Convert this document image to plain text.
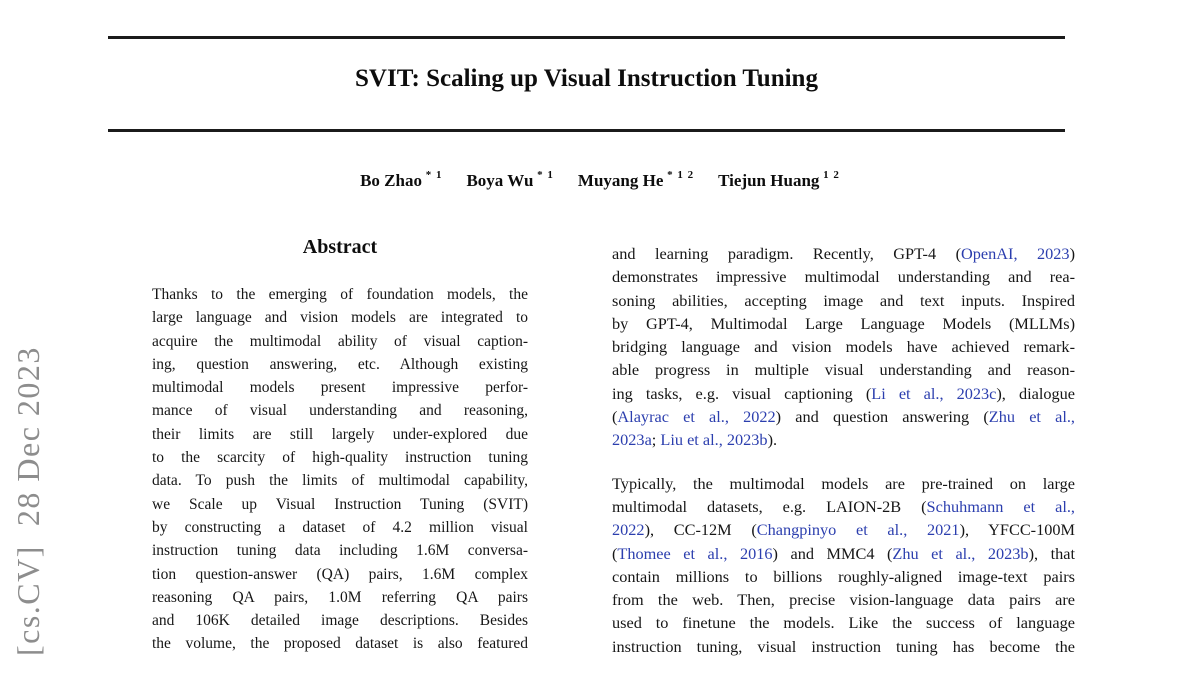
SVIT: Scaling up Visual Instruction Tuning
Bo Zhao $^{* 1}$ Boya Wu $^{* 1}$ Muyang He $^{* 1 2}$ Tiejun Huang $^{1 2}$
Abstract
Thanks to the emerging of foundation models, the
large language and vision models are integrated to
acquire the multimodal ability of visual caption-
ing, question answering, etc. Although existing
multimodal models present impressive perfor-
mance of visual understanding and reasoning,
their limits are still largely under-explored due
to the scarcity of high-quality instruction tuning
data. To push the limits of multimodal capability,
we Scale up Visual Instruction Tuning (SVIT)
by constructing a dataset of 4.2 million visual
instruction tuning data including 1.6M conversa-
tion question-answer (QA) pairs, 1.6M complex
reasoning QA pairs, 1.0M referring QA pairs
and 106K detailed image descriptions. Besides
the volume, the proposed dataset is also featured
and learning paradigm. Recently, GPT-4 (OpenAI, 2023)
demonstrates impressive multimodal understanding and rea-
soning abilities, accepting image and text inputs. Inspired
by GPT-4, Multimodal Large Language Models (MLLMs)
bridging language and vision models have achieved remark-
able progress in multiple visual understanding and reason-
ing tasks, e.g. visual captioning (Li et al., 2023c), dialogue
(Alayrac et al., 2022) and question answering (Zhu et al.,
2023a; Liu et al., 2023b).
Typically, the multimodal models are pre-trained on large
multimodal datasets, e.g. LAION-2B (Schuhmann et al.,
2022), CC-12M (Changpinyo et al., 2021), YFCC-100M
(Thomee et al., 2016) and MMC4 (Zhu et al., 2023b), that
contain millions to billions roughly-aligned image-text pairs
from the web. Then, precise vision-language data pairs are
used to finetune the models. Like the success of language
instruction tuning, visual instruction tuning has become the
[cs.CV]  28 Dec 2023
